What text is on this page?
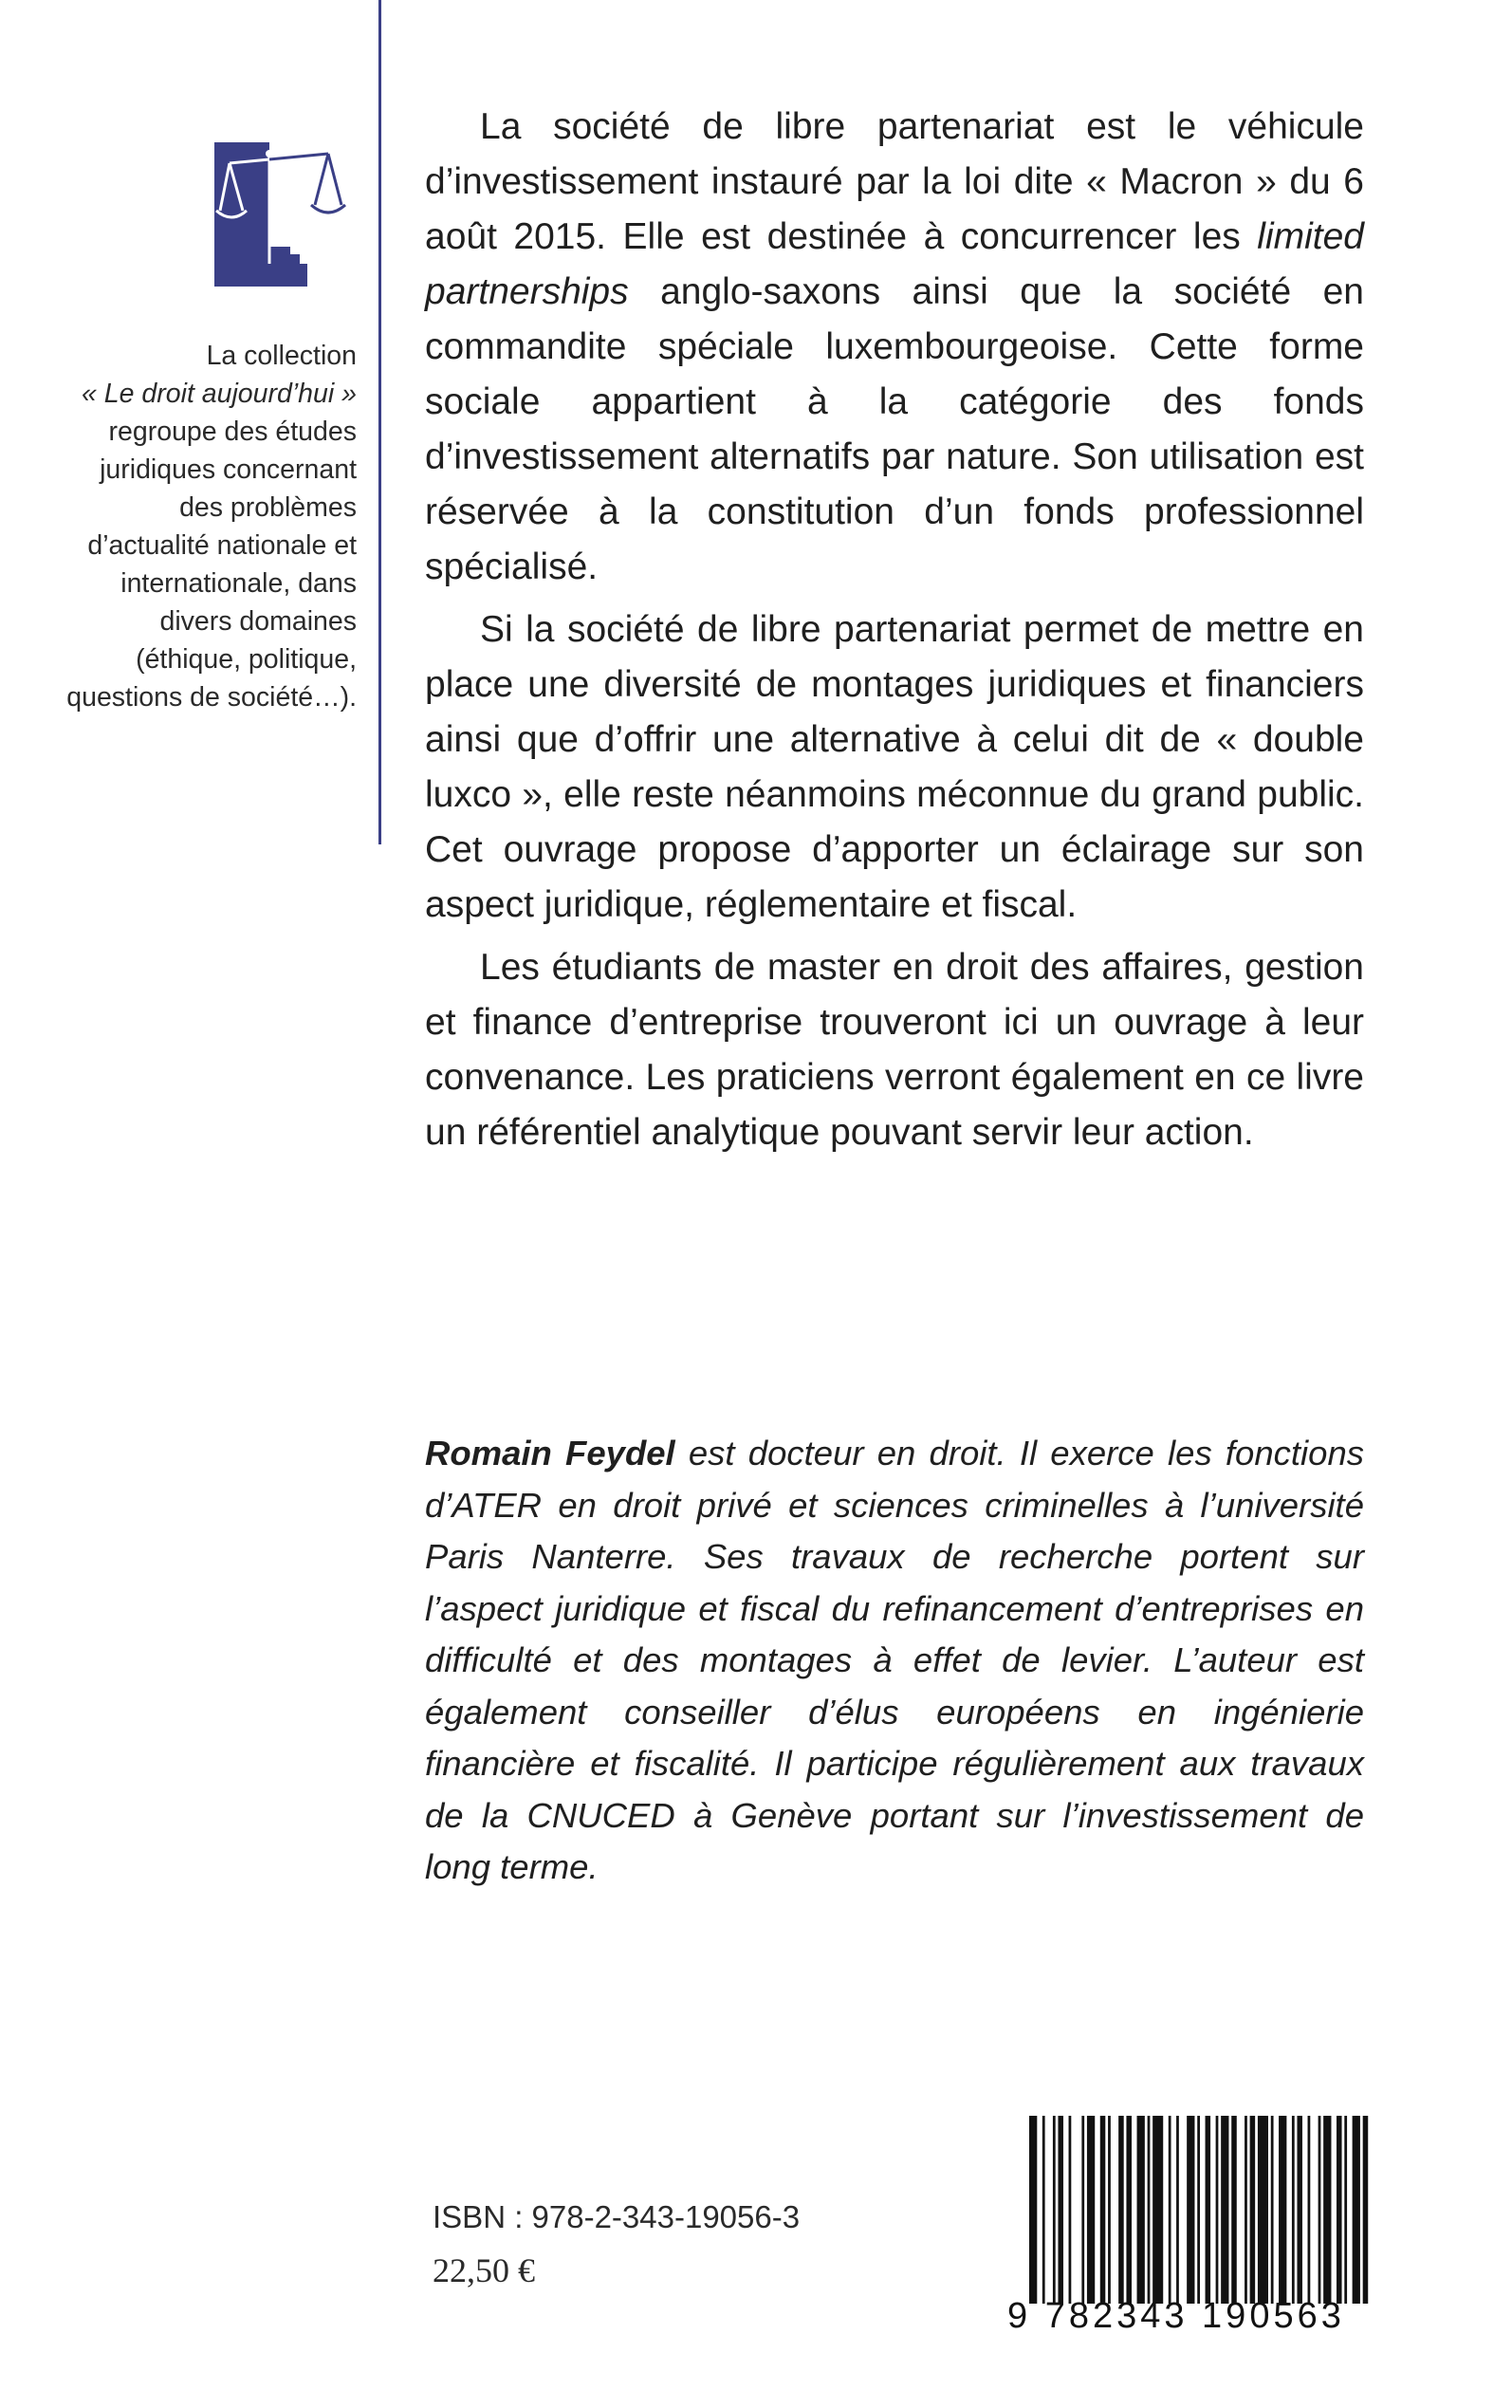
La collection
« Le droit aujourd’hui » regroupe des études juridiques concernant des problèmes d’actualité nationale et internationale, dans divers domaines (éthique, politique, questions de société…).

La société de libre partenariat est le véhicule d’investissement instauré par la loi dite « Macron » du 6 août 2015. Elle est destinée à concurrencer les limited partnerships anglo-saxons ainsi que la société en commandite spéciale luxembourgeoise. Cette forme sociale appartient à la catégorie des fonds d’investissement alternatifs par nature. Son utilisation est réservée à la constitution d’un fonds professionnel spécialisé.

Si la société de libre partenariat permet de mettre en place une diversité de montages juridiques et financiers ainsi que d’offrir une alternative à celui dit de « double luxco », elle reste néanmoins méconnue du grand public. Cet ouvrage propose d’apporter un éclairage sur son aspect juridique, réglementaire et fiscal.

Les étudiants de master en droit des affaires, gestion et finance d’entreprise trouveront ici un ouvrage à leur convenance. Les praticiens verront également en ce livre un référentiel analytique pouvant servir leur action.

Romain Feydel est docteur en droit. Il exerce les fonctions d’ATER en droit privé et sciences criminelles à l’université Paris Nanterre. Ses travaux de recherche portent sur l’aspect juridique et fiscal du refinancement d’entreprises en difficulté et des montages à effet de levier. L’auteur est également conseiller d’élus européens en ingénierie financière et fiscalité. Il participe régulièrement aux travaux de la CNUCED à Genève portant sur l’investissement de long terme.
ISBN : 978-2-343-19056-3
22,50 €
9 782343 190563
